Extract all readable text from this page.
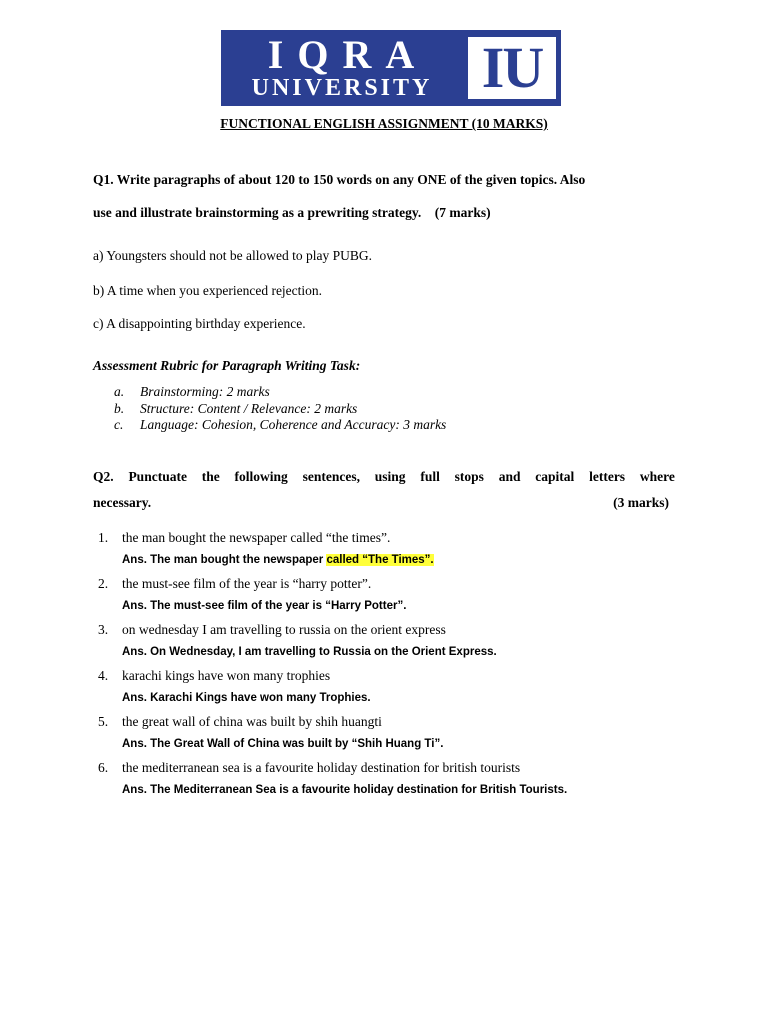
IQRA
UNIVERSITY IU
FUNCTIONAL ENGLISH ASSIGNMENT (10 MARKS)
Q1. Write paragraphs of about 120 to 150 words on any ONE of the given topics. Also
use and illustrate brainstorming as a prewriting strategy.    (7 marks)
a) Youngsters should not be allowed to play PUBG.
b) A time when you experienced rejection.
c) A disappointing birthday experience.
Assessment Rubric for Paragraph Writing Task:
a.	Brainstorming: 2 marks
b.	Structure: Content / Relevance: 2 marks
c.	Language: Cohesion, Coherence and Accuracy: 3 marks
Q2. Punctuate the following sentences, using full stops and capital letters where
necessary.	(3 marks)
1.	the man bought the newspaper called “the times”.
Ans. The man bought the newspaper called “The Times”.
2.	the must-see film of the year is “harry potter”.
Ans. The must-see film of the year is “Harry Potter”.
3.	on wednesday I am travelling to russia on the orient express
Ans. On Wednesday, I am travelling to Russia on the Orient Express.
4.	karachi kings have won many trophies
Ans. Karachi Kings have won many Trophies.
5.	the great wall of china was built by shih huangti
Ans. The Great Wall of China was built by “Shih Huang Ti”.
6.	the mediterranean sea is a favourite holiday destination for british tourists
Ans. The Mediterranean Sea is a favourite holiday destination for British Tourists.
